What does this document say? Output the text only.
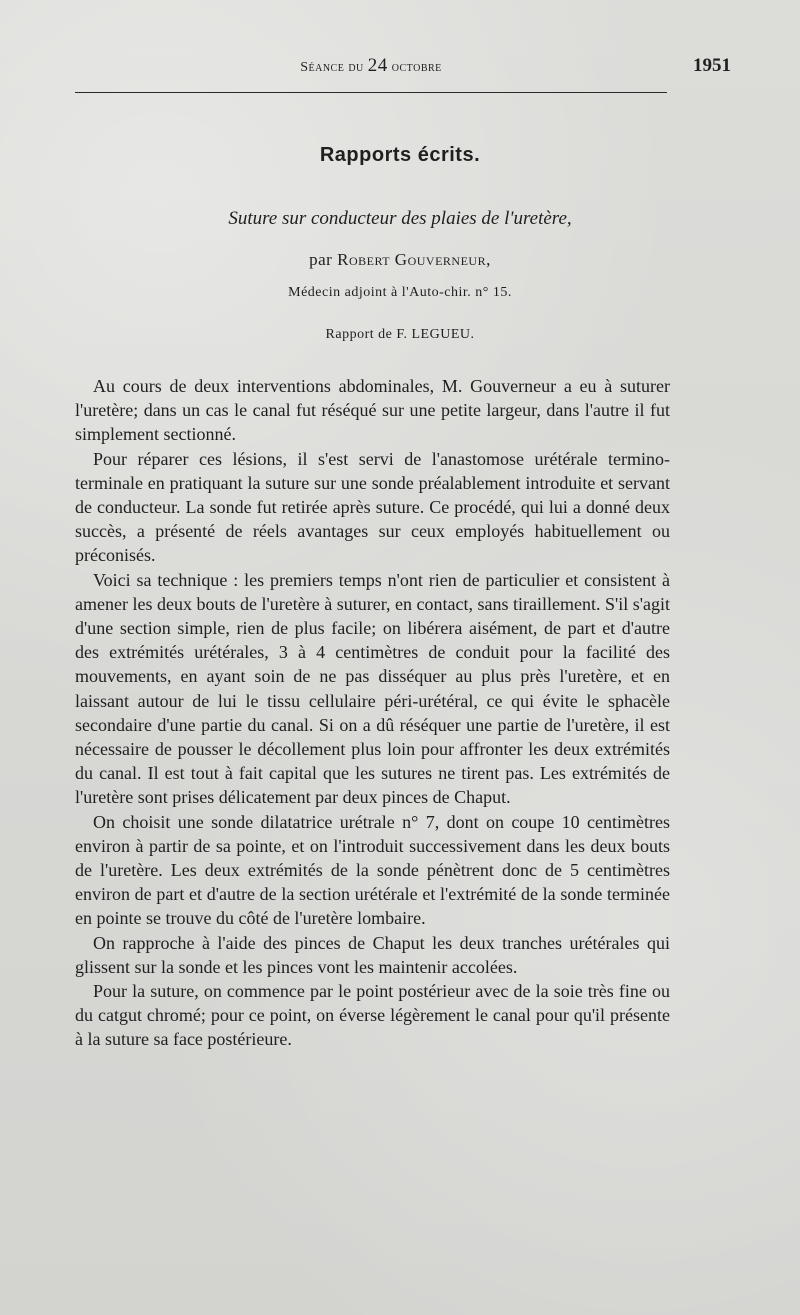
Séance du 24 octobre	1951
Rapports écrits.
Suture sur conducteur des plaies de l'uretère,
par Robert Gouverneur,
Médecin adjoint à l'Auto-chir. n° 15.
Rapport de F. LEGUEU.

Au cours de deux interventions abdominales, M. Gouverneur a eu à suturer l'uretère; dans un cas le canal fut réséqué sur une petite largeur, dans l'autre il fut simplement sectionné.

Pour réparer ces lésions, il s'est servi de l'anastomose urétérale termino-terminale en pratiquant la suture sur une sonde préalablement introduite et servant de conducteur. La sonde fut retirée après suture. Ce procédé, qui lui a donné deux succès, a présenté de réels avantages sur ceux employés habituellement ou préconisés.

Voici sa technique : les premiers temps n'ont rien de particulier et consistent à amener les deux bouts de l'uretère à suturer, en contact, sans tiraillement. S'il s'agit d'une section simple, rien de plus facile; on libérera aisément, de part et d'autre des extrémités urétérales, 3 à 4 centimètres de conduit pour la facilité des mouvements, en ayant soin de ne pas disséquer au plus près l'uretère, et en laissant autour de lui le tissu cellulaire péri-urétéral, ce qui évite le sphacèle secondaire d'une partie du canal. Si on a dû réséquer une partie de l'uretère, il est nécessaire de pousser le décollement plus loin pour affronter les deux extrémités du canal. Il est tout à fait capital que les sutures ne tirent pas. Les extrémités de l'uretère sont prises délicatement par deux pinces de Chaput.

On choisit une sonde dilatatrice urétrale n° 7, dont on coupe 10 centimètres environ à partir de sa pointe, et on l'introduit successivement dans les deux bouts de l'uretère. Les deux extrémités de la sonde pénètrent donc de 5 centimètres environ de part et d'autre de la section urétérale et l'extrémité de la sonde terminée en pointe se trouve du côté de l'uretère lombaire.

On rapproche à l'aide des pinces de Chaput les deux tranches urétérales qui glissent sur la sonde et les pinces vont les maintenir accolées.

Pour la suture, on commence par le point postérieur avec de la soie très fine ou du catgut chromé; pour ce point, on éverse légèrement le canal pour qu'il présente à la suture sa face postérieure.
